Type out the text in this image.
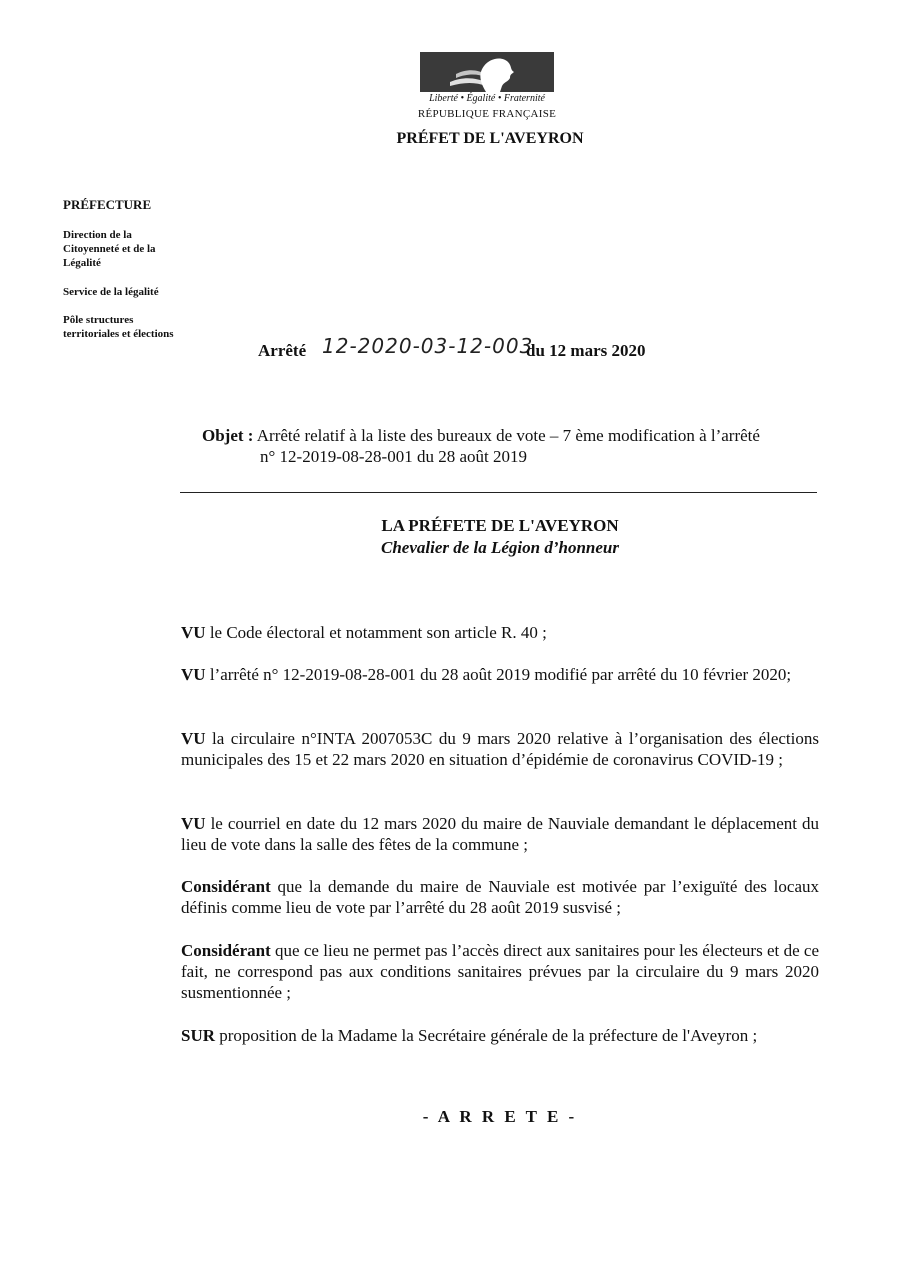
Liberté • Égalité • Fraternité
RÉPUBLIQUE FRANÇAISE
PRÉFET DE L'AVEYRON
PRÉFECTURE
Direction de la Citoyenneté et de la Légalité
Service de la légalité
Pôle structures territoriales et élections
Arrêté 12-2020-03-12-003
du 12 mars 2020
Objet : Arrêté relatif à la liste des bureaux de vote – 7 ème modification à l’arrêté
n° 12-2019-08-28-001 du 28 août 2019
LA PRÉFETE DE L'AVEYRON
Chevalier de la Légion d’honneur
VU le Code électoral et notamment son article R. 40 ;
VU l’arrêté n° 12-2019-08-28-001 du 28 août 2019 modifié par arrêté du 10 février 2020;
VU la circulaire n°INTA 2007053C du 9 mars 2020 relative à l’organisation des élections municipales des 15 et 22 mars 2020 en situation d’épidémie de coronavirus COVID-19 ;
VU le courriel en date du 12 mars 2020 du maire de Nauviale demandant le déplacement du lieu de vote dans la salle des fêtes de la commune ;
Considérant que la demande du maire de Nauviale est motivée par l’exiguïté des locaux définis comme lieu de vote par l’arrêté du 28 août 2019 susvisé ;
Considérant que ce lieu ne permet pas l’accès direct aux sanitaires pour les électeurs et de ce fait, ne correspond pas aux conditions sanitaires prévues par la circulaire du 9 mars 2020 susmentionnée ;
SUR proposition de la Madame la Secrétaire générale de la préfecture de l'Aveyron ;
- A R R E T E -
